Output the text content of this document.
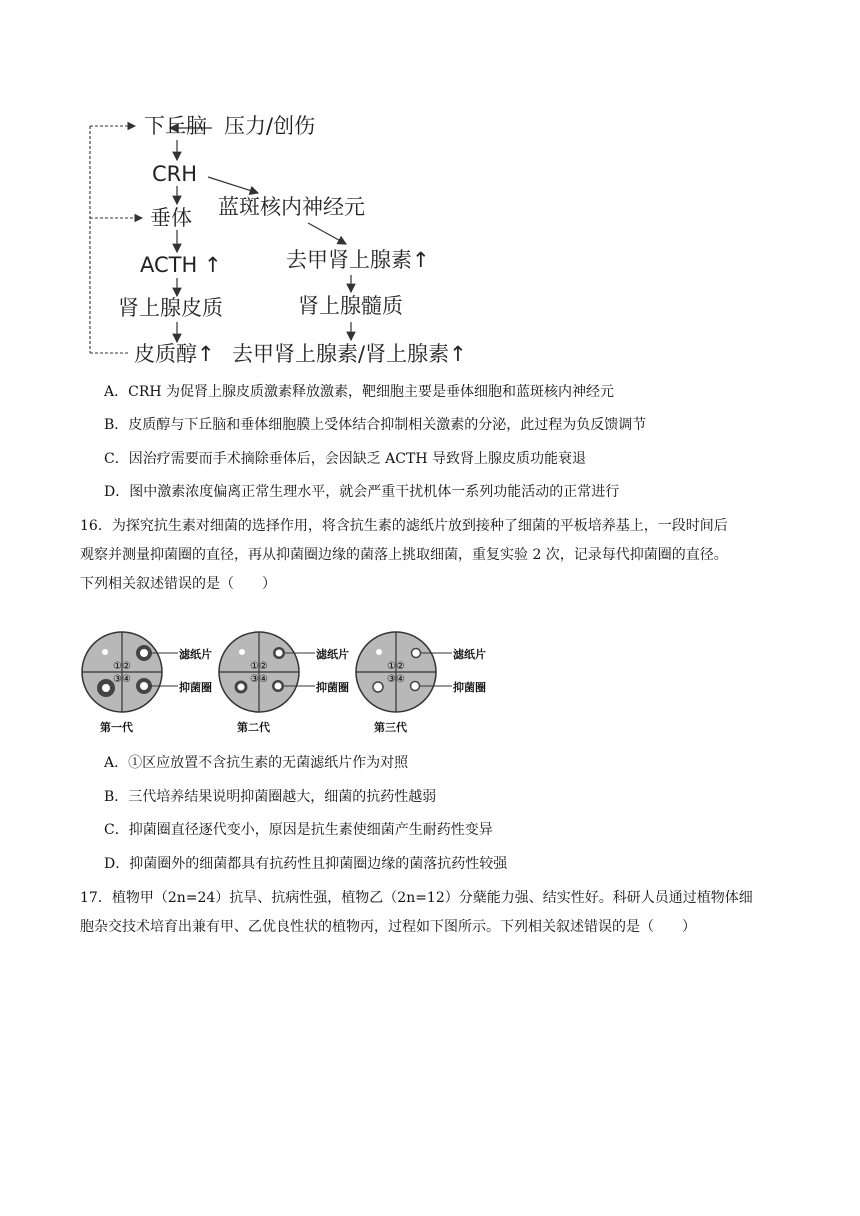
下丘脑 压力/创伤
CRH
蓝斑核内神经元
垂体
ACTH ↑	去甲肾上腺素↑
肾上腺皮质	肾上腺髓质
皮质醇↑ 去甲肾上腺素/肾上腺素↑
A．CRH 为促肾上腺皮质激素释放激素，靶细胞主要是垂体细胞和蓝斑核内神经元
B．皮质醇与下丘脑和垂体细胞膜上受体结合抑制相关激素的分泌，此过程为负反馈调节
C．因治疗需要而手术摘除垂体后，会因缺乏 ACTH 导致肾上腺皮质功能衰退
D．图中激素浓度偏离正常生理水平，就会严重干扰机体一系列功能活动的正常进行

16．为探究抗生素对细菌的选择作用，将含抗生素的滤纸片放到接种了细菌的平板培养基上，一段时间后

观察并测量抑菌圈的直径，再从抑菌圈边缘的菌落上挑取细菌，重复实验 2 次，记录每代抑菌圈的直径。

下列相关叙述错误的是（　　）

①②
③④
滤纸片
抑菌圈
第一代
①②
③④
滤纸片
抑菌圈
第二代
①②
③④
滤纸片
抑菌圈
第三代
A．①区应放置不含抗生素的无菌滤纸片作为对照
B．三代培养结果说明抑菌圈越大，细菌的抗药性越弱
C．抑菌圈直径逐代变小，原因是抗生素使细菌产生耐药性变异
D．抑菌圈外的细菌都具有抗药性且抑菌圈边缘的菌落抗药性较强

17．植物甲（2n=24）抗旱、抗病性强，植物乙（2n=12）分蘖能力强、结实性好。科研人员通过植物体细

胞杂交技术培育出兼有甲、乙优良性状的植物丙，过程如下图所示。下列相关叙述错误的是（　　）
